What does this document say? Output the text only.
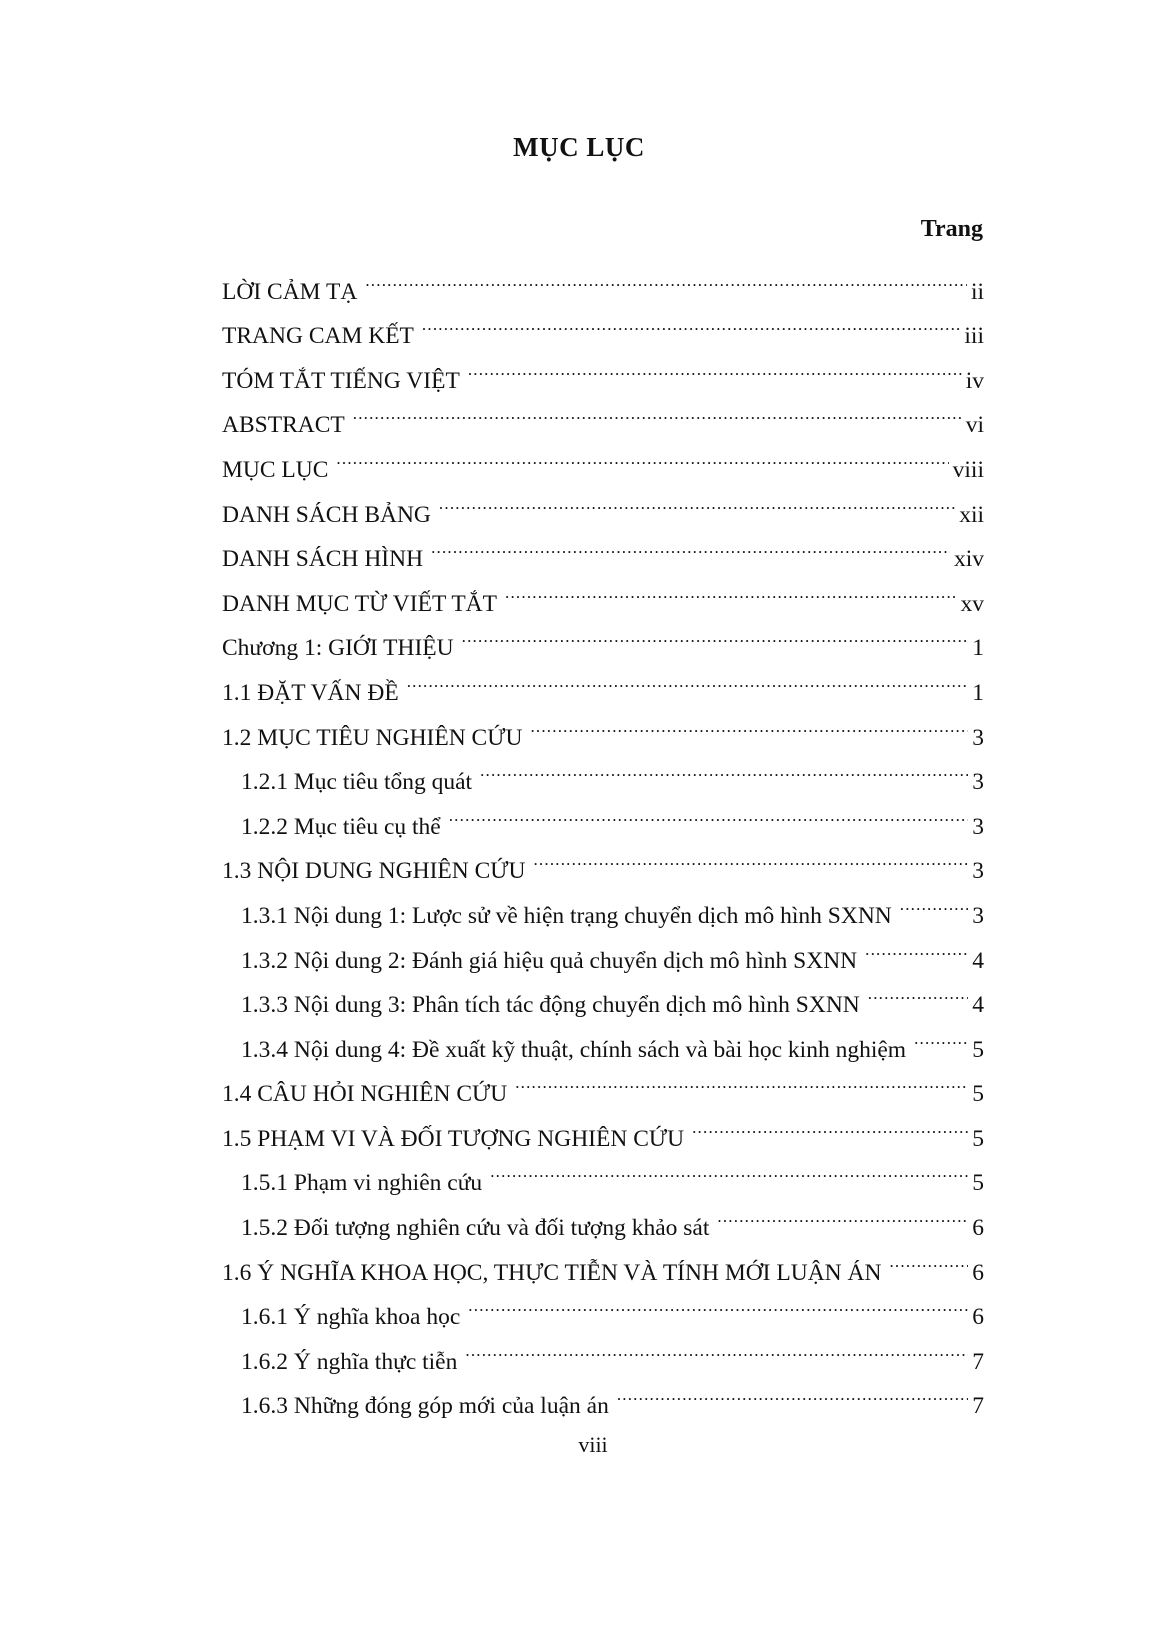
MỤC LỤC
Trang
LỜI CẢM TẠ .....	ii
TRANG CAM KẾT .....	iii
TÓM TẮT TIẾNG VIỆT .....	iv
ABSTRACT .....	vi
MỤC LỤC .....	viii
DANH SÁCH BẢNG .....	xii
DANH SÁCH HÌNH .....	xiv
DANH MỤC TỪ VIẾT TẮT .....	xv
Chương 1: GIỚI THIỆU .....	1
1.1 ĐẶT VẤN ĐỀ .....	1
1.2 MỤC TIÊU NGHIÊN CỨU .....	3
1.2.1 Mục tiêu tổng quát .....	3
1.2.2 Mục tiêu cụ thể .....	3
1.3 NỘI DUNG NGHIÊN CỨU .....	3
1.3.1 Nội dung 1: Lược sử về hiện trạng chuyển dịch mô hình SXNN .....	3
1.3.2 Nội dung 2: Đánh giá hiệu quả chuyển dịch mô hình SXNN .....	4
1.3.3 Nội dung 3: Phân tích tác động chuyển dịch mô hình SXNN .....	4
1.3.4 Nội dung 4: Đề xuất kỹ thuật, chính sách và bài học kinh nghiệm .....	5
1.4 CÂU HỎI NGHIÊN CỨU .....	5
1.5 PHẠM VI VÀ ĐỐI TƯỢNG NGHIÊN CỨU .....	5
1.5.1 Phạm vi nghiên cứu .....	5
1.5.2 Đối tượng nghiên cứu và đối tượng khảo sát .....	6
1.6 Ý NGHĨA KHOA HỌC, THỰC TIỄN VÀ TÍNH MỚI LUẬN ÁN .....	6
1.6.1 Ý nghĩa khoa học .....	6
1.6.2 Ý nghĩa thực tiễn .....	7
1.6.3 Những đóng góp mới của luận án .....	7
viii
